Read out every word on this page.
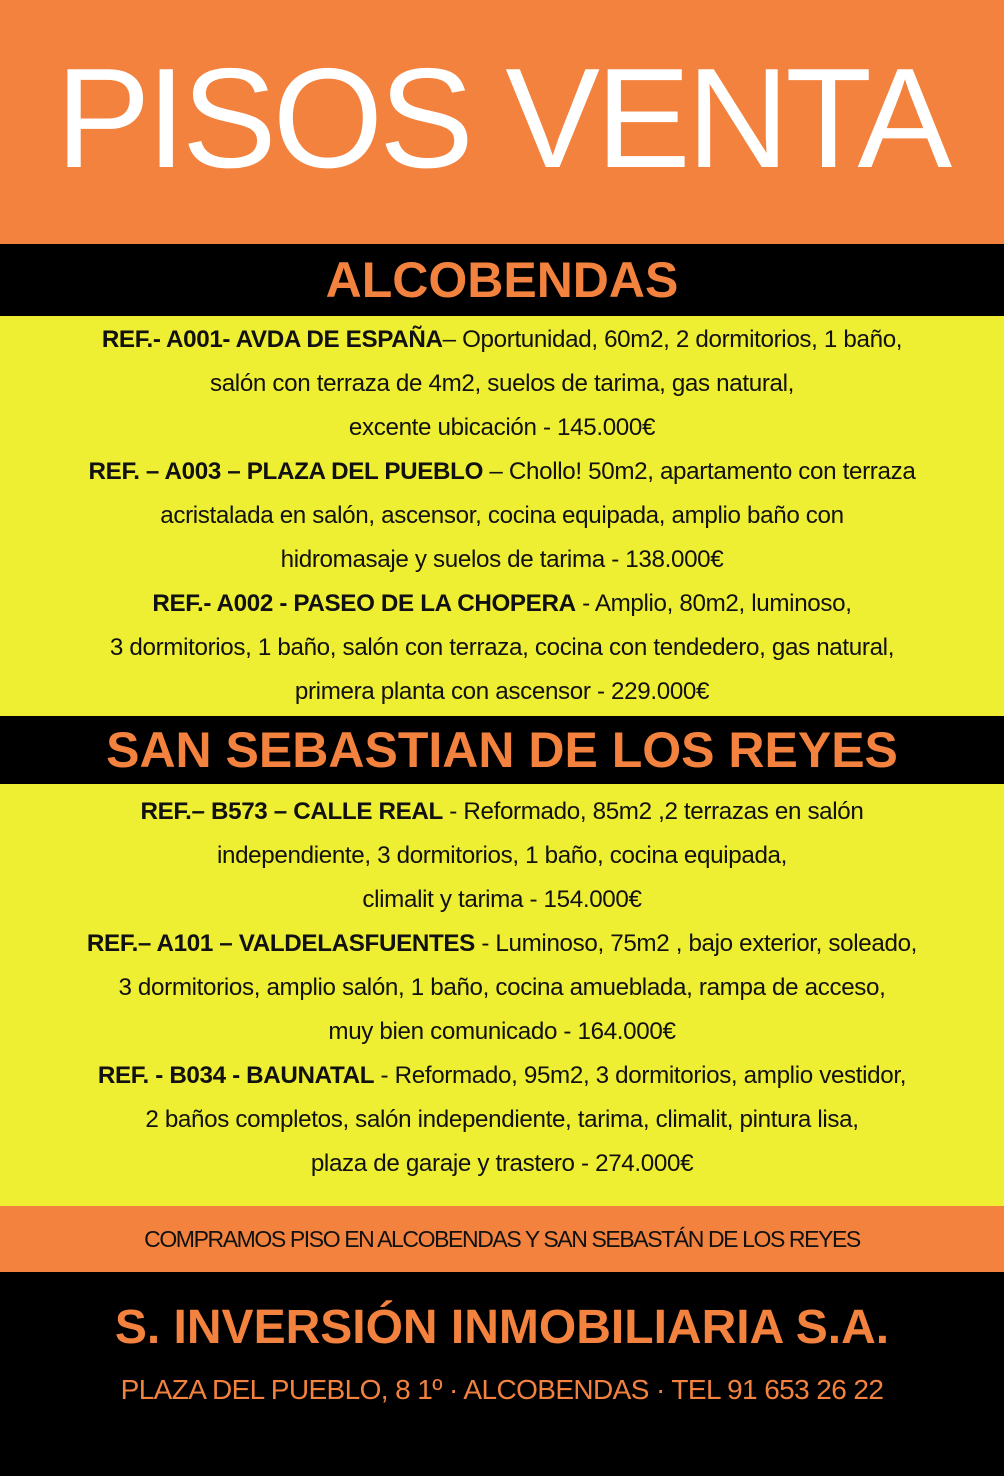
PISOS VENTA
ALCOBENDAS

REF.- A001- AVDA DE ESPAÑA– Oportunidad, 60m2, 2 dormitorios, 1 baño,
salón con terraza de 4m2, suelos de tarima, gas natural,
excente ubicación - 145.000€

REF. – A003 – PLAZA DEL PUEBLO – Chollo! 50m2, apartamento con terraza
acristalada en salón, ascensor, cocina equipada, amplio baño con
hidromasaje y suelos de tarima - 138.000€

REF.- A002 - PASEO DE LA CHOPERA - Amplio, 80m2, luminoso,
3 dormitorios, 1 baño, salón con terraza, cocina con tendedero, gas natural,
primera planta con ascensor - 229.000€

SAN SEBASTIAN DE LOS REYES

REF.– B573 – CALLE REAL - Reformado, 85m2 ,2 terrazas en salón
independiente, 3 dormitorios, 1 baño, cocina equipada,
climalit y tarima - 154.000€

REF.– A101 – VALDELASFUENTES - Luminoso, 75m2 , bajo exterior, soleado,
3 dormitorios, amplio salón, 1 baño, cocina amueblada, rampa de acceso,
muy bien comunicado - 164.000€

REF. - B034 - BAUNATAL - Reformado, 95m2, 3 dormitorios, amplio vestidor,
2 baños completos, salón independiente, tarima, climalit, pintura lisa,
plaza de garaje y trastero - 274.000€

COMPRAMOS PISO EN ALCOBENDAS Y SAN SEBASTÁN DE LOS REYES
S. INVERSIÓN INMOBILIARIA S.A.
PLAZA DEL PUEBLO, 8 1º · ALCOBENDAS · TEL 91 653 26 22
